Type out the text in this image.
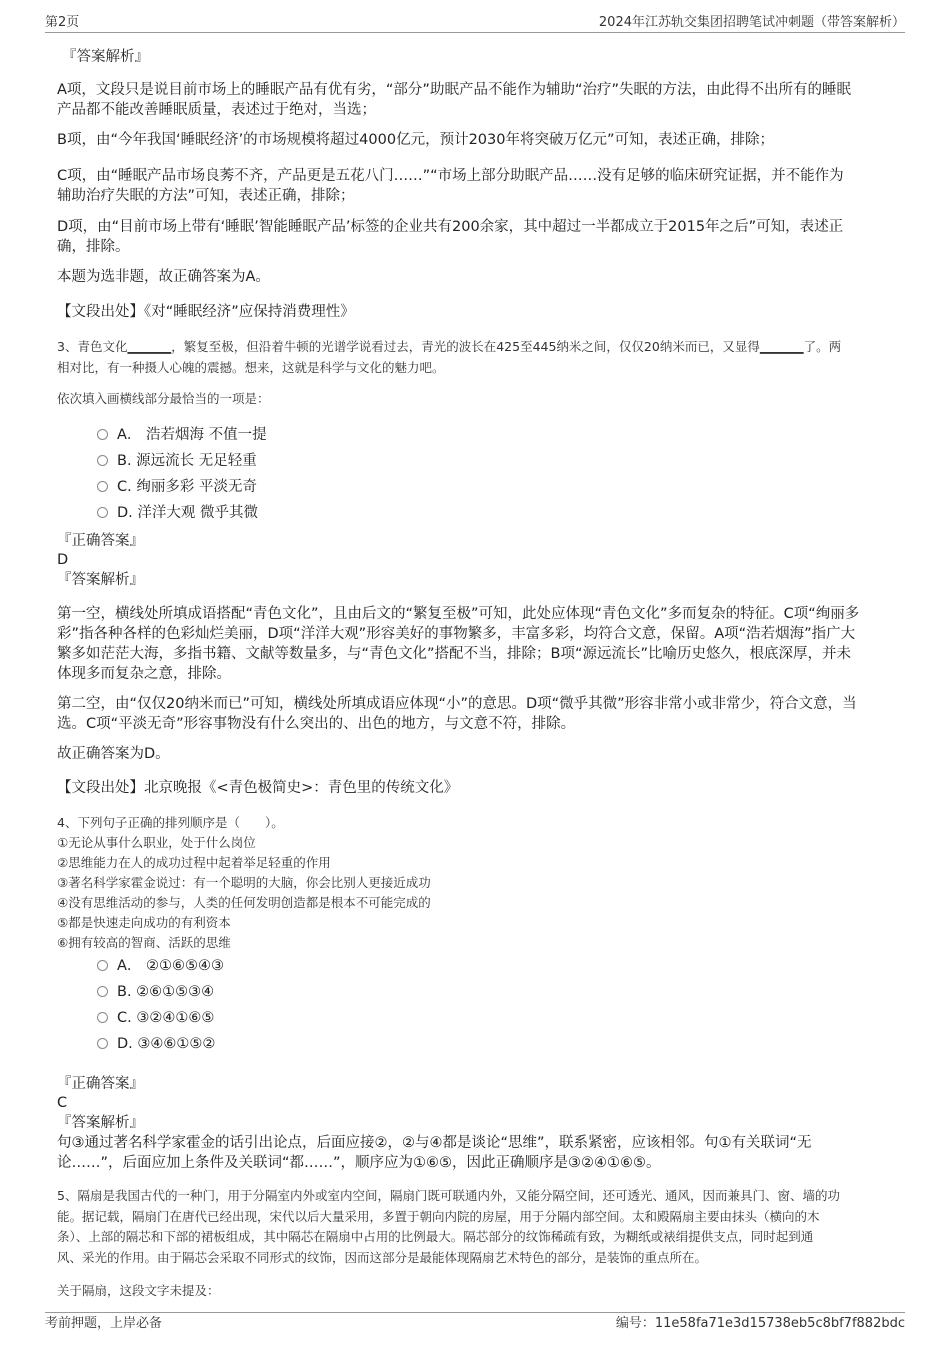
第2页	2024年江苏轨交集团招聘笔试冲刺题（带答案解析）
『答案解析』
A项，文段只是说目前市场上的睡眠产品有优有劣，“部分”助眠产品不能作为辅助“治疗”失眠的方法，由此得不出所有的睡眠
产品都不能改善睡眠质量，表述过于绝对，当选；
B项，由“今年我国‘睡眠经济’的市场规模将超过4000亿元，预计2030年将突破万亿元”可知，表述正确，排除；
C项，由“睡眠产品市场良莠不齐，产品更是五花八门……”“市场上部分助眠产品……没有足够的临床研究证据，并不能作为
辅助治疗失眠的方法”可知，表述正确，排除；
D项，由“目前市场上带有‘睡眠’智能睡眠产品’标签的企业共有200余家，其中超过一半都成立于2015年之后”可知，表述正
确，排除。
本题为选非题，故正确答案为A。
【文段出处】《对“睡眠经济”应保持消费理性》
3、青色文化_______，繁复至极，但沿着牛顿的光谱学说看过去，青光的波长在425至445纳米之间，仅仅20纳米而已，又显得_______了。两
相对比，有一种摄人心魄的震撼。想来，这就是科学与文化的魅力吧。
依次填入画横线部分最恰当的一项是：
A． 浩若烟海 不值一提
B. 源远流长 无足轻重
C. 绚丽多彩 平淡无奇
D. 洋洋大观 微乎其微
『正确答案』
D
『答案解析』
第一空，横线处所填成语搭配“青色文化”，且由后文的“繁复至极”可知，此处应体现“青色文化”多而复杂的特征。C项“绚丽多
彩”指各种各样的色彩灿烂美丽，D项“洋洋大观”形容美好的事物繁多，丰富多彩，均符合文意，保留。A项“浩若烟海”指广大
繁多如茫茫大海，多指书籍、文献等数量多，与“青色文化”搭配不当，排除；B项“源远流长”比喻历史悠久，根底深厚，并未
体现多而复杂之意，排除。
第二空，由“仅仅20纳米而已”可知，横线处所填成语应体现“小”的意思。D项“微乎其微”形容非常小或非常少，符合文意，当
选。C项“平淡无奇”形容事物没有什么突出的、出色的地方，与文意不符，排除。
故正确答案为D。
【文段出处】北京晚报《<青色极简史>：青色里的传统文化》
4、下列句子正确的排列顺序是（　　）。
①无论从事什么职业，处于什么岗位
②思维能力在人的成功过程中起着举足轻重的作用
③著名科学家霍金说过：有一个聪明的大脑，你会比别人更接近成功
④没有思维活动的参与，人类的任何发明创造都是根本不可能完成的
⑤都是快速走向成功的有利资本
⑥拥有较高的智商、活跃的思维
A． ②①⑥⑤④③
B. ②⑥①⑤③④
C. ③②④①⑥⑤
D. ③④⑥①⑤②
『正确答案』
C
『答案解析』
句③通过著名科学家霍金的话引出论点，后面应接②，②与④都是谈论“思维”，联系紧密，应该相邻。句①有关联词“无
论……”，后面应加上条件及关联词“都……”，顺序应为①⑥⑤，因此正确顺序是③②④①⑥⑤。
5、隔扇是我国古代的一种门，用于分隔室内外或室内空间，隔扇门既可联通内外，又能分隔空间，还可透光、通风，因而兼具门、窗、墙的功
能。据记载，隔扇门在唐代已经出现，宋代以后大量采用，多置于朝向内院的房屋，用于分隔内部空间。太和殿隔扇主要由抹头（横向的木
条）、上部的隔芯和下部的裙板组成，其中隔芯在隔扇中占用的比例最大。隔芯部分的纹饰稀疏有致，为糊纸或裱绢提供支点，同时起到通
风、采光的作用。由于隔芯会采取不同形式的纹饰，因而这部分是最能体现隔扇艺术特色的部分，是装饰的重点所在。
关于隔扇，这段文字未提及：
考前押题，上岸必备	编号：11e58fa71e3d15738eb5c8bf7f882bdc
